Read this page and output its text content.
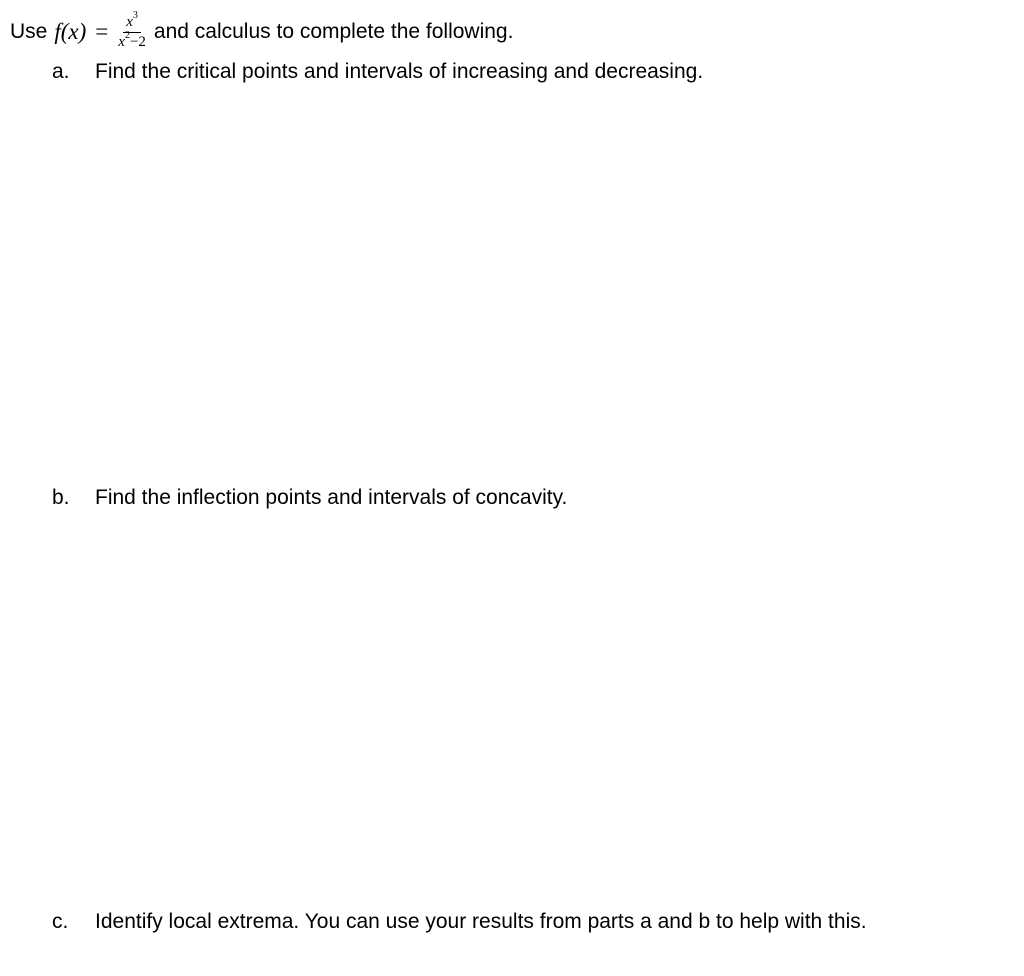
Use $f(x) = \frac{x^3}{x^2-2}$ and calculus to complete the following.
a. Find the critical points and intervals of increasing and decreasing.
b. Find the inflection points and intervals of concavity.
c. Identify local extrema. You can use your results from parts a and b to help with this.
